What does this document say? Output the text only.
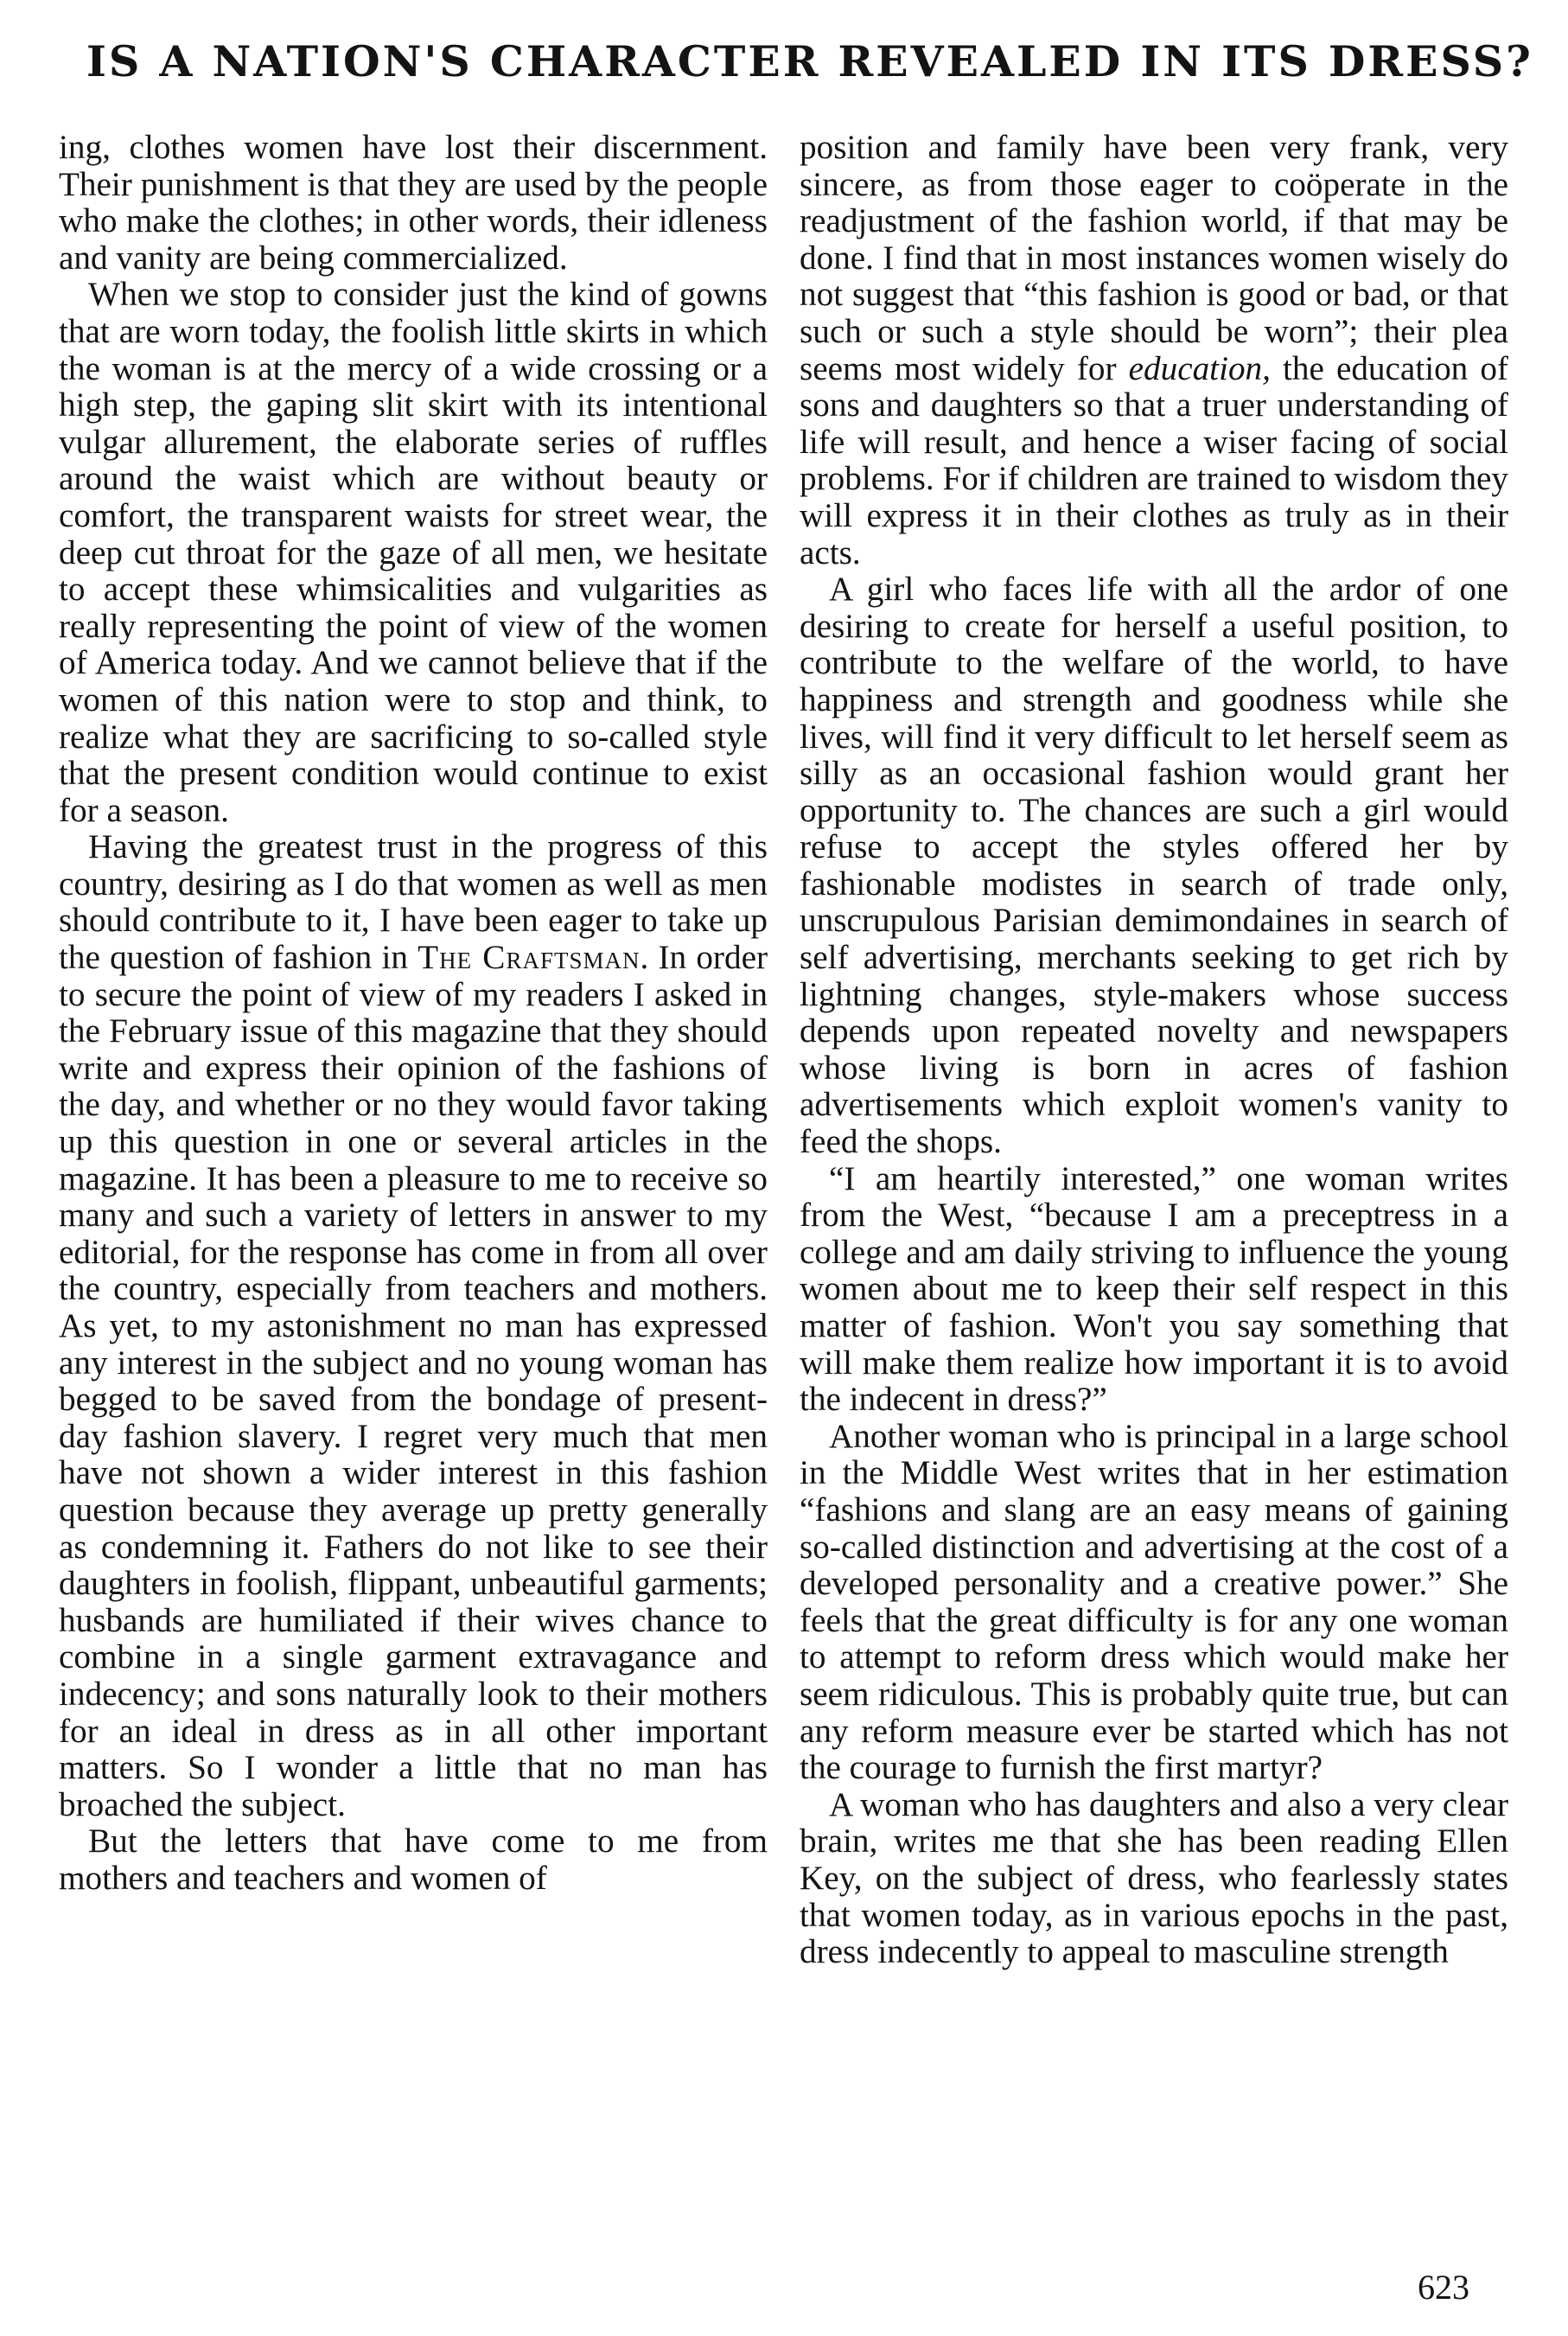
IS A NATION'S CHARACTER REVEALED IN ITS DRESS?

ing, clothes women have lost their discernment. Their punishment is that they are used by the people who make the clothes; in other words, their idleness and vanity are being commercialized.

When we stop to consider just the kind of gowns that are worn today, the foolish little skirts in which the woman is at the mercy of a wide crossing or a high step, the gaping slit skirt with its intentional vulgar allurement, the elaborate series of ruffles around the waist which are without beauty or comfort, the transparent waists for street wear, the deep cut throat for the gaze of all men, we hesitate to accept these whimsicalities and vulgarities as really representing the point of view of the women of America today. And we cannot believe that if the women of this nation were to stop and think, to realize what they are sacrificing to so-called style that the present condition would continue to exist for a season.

Having the greatest trust in the progress of this country, desiring as I do that women as well as men should contribute to it, I have been eager to take up the question of fashion in The Craftsman. In order to secure the point of view of my readers I asked in the February issue of this magazine that they should write and express their opinion of the fashions of the day, and whether or no they would favor taking up this question in one or several articles in the magazine. It has been a pleasure to me to receive so many and such a variety of letters in answer to my editorial, for the response has come in from all over the country, especially from teachers and mothers. As yet, to my astonishment no man has expressed any interest in the subject and no young woman has begged to be saved from the bondage of present-day fashion slavery. I regret very much that men have not shown a wider interest in this fashion question because they average up pretty generally as condemning it. Fathers do not like to see their daughters in foolish, flippant, unbeautiful garments; husbands are humiliated if their wives chance to combine in a single garment extravagance and indecency; and sons naturally look to their mothers for an ideal in dress as in all other important matters. So I wonder a little that no man has broached the subject.

But the letters that have come to me from mothers and teachers and women of

position and family have been very frank, very sincere, as from those eager to coöperate in the readjustment of the fashion world, if that may be done. I find that in most instances women wisely do not suggest that “this fashion is good or bad, or that such or such a style should be worn”; their plea seems most widely for education, the education of sons and daughters so that a truer understanding of life will result, and hence a wiser facing of social problems. For if children are trained to wisdom they will express it in their clothes as truly as in their acts.

A girl who faces life with all the ardor of one desiring to create for herself a useful position, to contribute to the welfare of the world, to have happiness and strength and goodness while she lives, will find it very difficult to let herself seem as silly as an occasional fashion would grant her opportunity to. The chances are such a girl would refuse to accept the styles offered her by fashionable modistes in search of trade only, unscrupulous Parisian demimondaines in search of self advertising, merchants seeking to get rich by lightning changes, style-makers whose success depends upon repeated novelty and newspapers whose living is born in acres of fashion advertisements which exploit women's vanity to feed the shops.

“I am heartily interested,” one woman writes from the West, “because I am a preceptress in a college and am daily striving to influence the young women about me to keep their self respect in this matter of fashion. Won't you say something that will make them realize how important it is to avoid the indecent in dress?”

Another woman who is principal in a large school in the Middle West writes that in her estimation “fashions and slang are an easy means of gaining so-called distinction and advertising at the cost of a developed personality and a creative power.” She feels that the great difficulty is for any one woman to attempt to reform dress which would make her seem ridiculous. This is probably quite true, but can any reform measure ever be started which has not the courage to furnish the first martyr?

A woman who has daughters and also a very clear brain, writes me that she has been reading Ellen Key, on the subject of dress, who fearlessly states that women today, as in various epochs in the past, dress indecently to appeal to masculine strength

623
